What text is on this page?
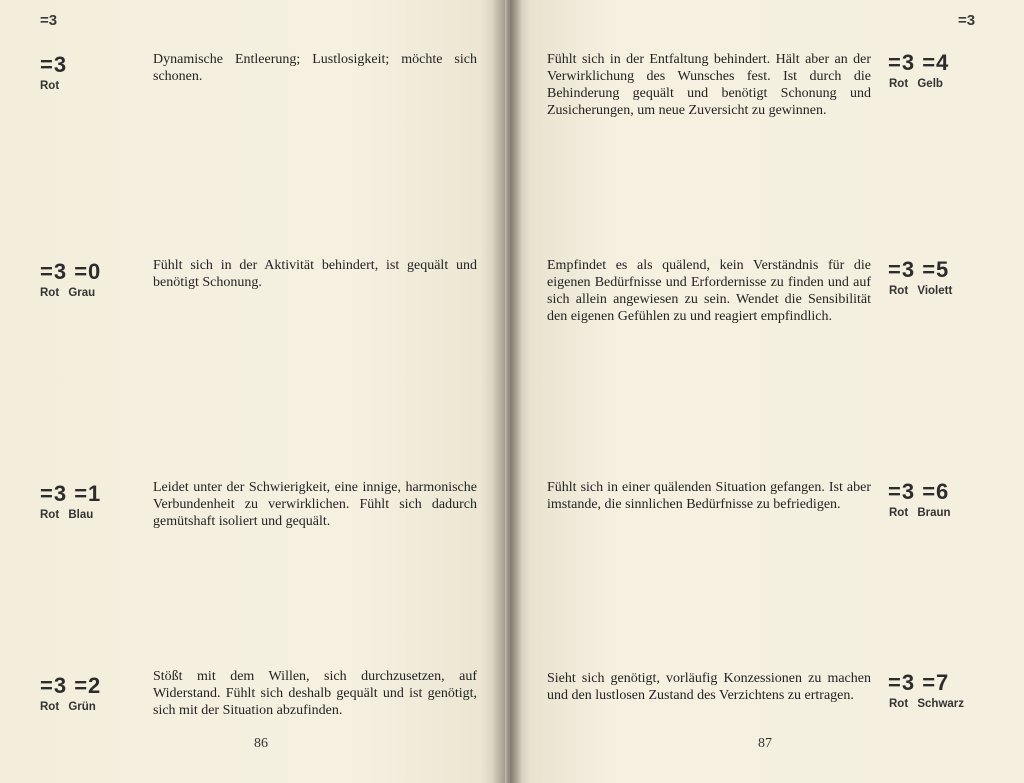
=3
=3
Rot
Dynamische Entleerung; Lustlosigkeit; möchte sich schonen.
=3 =0
Rot Grau
Fühlt sich in der Aktivität behindert, ist gequält und benötigt Schonung.
=3 =1
Rot Blau
Leidet unter der Schwierigkeit, eine innige, harmonische Verbundenheit zu verwirklichen. Fühlt sich dadurch gemütshaft isoliert und gequält.
=3 =2
Rot Grün
Stößt mit dem Willen, sich durchzusetzen, auf Widerstand. Fühlt sich deshalb gequält und ist genötigt, sich mit der Situation abzufinden.
86
=3
Fühlt sich in der Entfaltung behindert. Hält aber an der Verwirklichung des Wunsches fest. Ist durch die Behinderung gequält und benötigt Schonung und Zusicherungen, um neue Zuversicht zu gewinnen.
=3 =4
Rot Gelb
Empfindet es als quälend, kein Verständnis für die eigenen Bedürfnisse und Erfordernisse zu finden und auf sich allein angewiesen zu sein. Wendet die Sensibilität den eigenen Gefühlen zu und reagiert empfindlich.
=3 =5
Rot Violett
Fühlt sich in einer quälenden Situation gefangen. Ist aber imstande, die sinnlichen Bedürfnisse zu befriedigen.
=3 =6
Rot Braun
Sieht sich genötigt, vorläufig Konzessionen zu machen und den lustlosen Zustand des Verzichtens zu ertragen.
=3 =7
Rot Schwarz
87
